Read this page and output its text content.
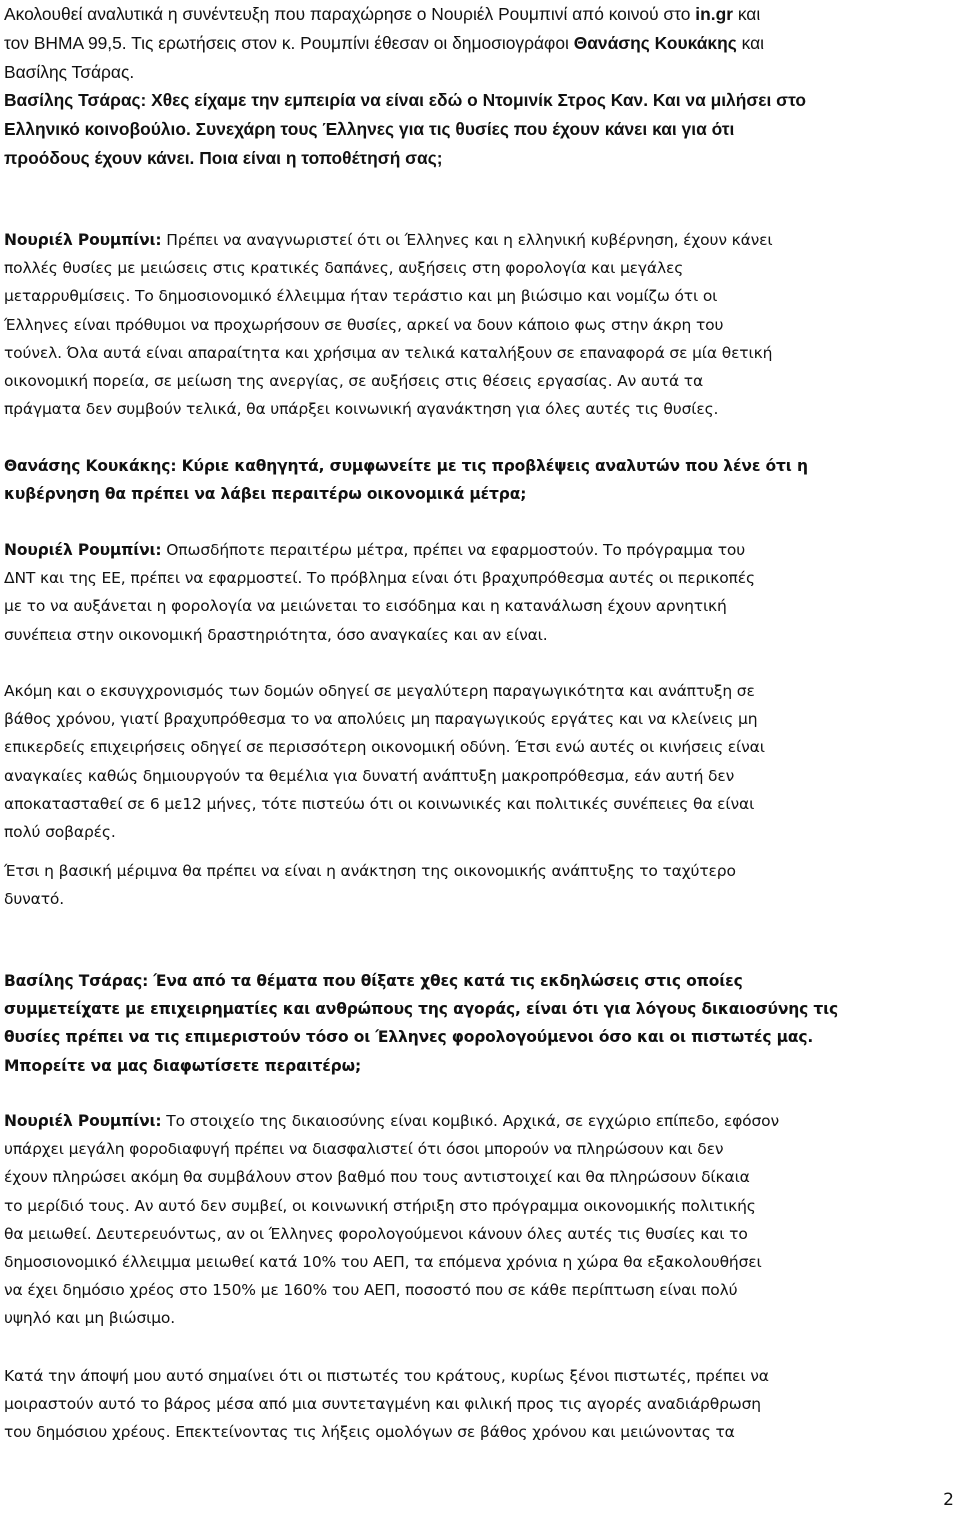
Ακολουθεί αναλυτικά η συνέντευξη που παραχώρησε ο Νουριέλ Ρουμπινί από κοινού στο in.gr και
τον ΒΗΜΑ 99,5. Τις ερωτήσεις στον κ. Ρουμπίνι έθεσαν οι δημοσιογράφοι Θανάσης Κουκάκης και
Βασίλης Τσάρας.
Βασίλης Τσάρας: Χθες είχαμε την εμπειρία να είναι εδώ ο Ντομινίκ Στρος Καν. Και να μιλήσει στο
Ελληνικό κοινοβούλιο. Συνεχάρη τους Έλληνες για τις θυσίες που έχουν κάνει και για ότι
προόδους έχουν κάνει. Ποια είναι η τοποθέτησή σας;
Νουριέλ Ρουμπίνι: Πρέπει να αναγνωριστεί ότι οι Έλληνες και η ελληνική κυβέρνηση, έχουν κάνει
πολλές θυσίες με μειώσεις στις κρατικές δαπάνες, αυξήσεις στη φορολογία και μεγάλες
μεταρρυθμίσεις. Το δημοσιονομικό έλλειμμα ήταν τεράστιο και μη βιώσιμο και νομίζω ότι οι
Έλληνες είναι πρόθυμοι να προχωρήσουν σε θυσίες, αρκεί να δουν κάποιο φως στην άκρη του
τούνελ. Όλα αυτά είναι απαραίτητα και χρήσιμα αν τελικά καταλήξουν σε επαναφορά σε μία θετική
οικονομική πορεία, σε μείωση της ανεργίας, σε αυξήσεις στις θέσεις εργασίας. Αν αυτά τα
πράγματα δεν συμβούν τελικά, θα υπάρξει κοινωνική αγανάκτηση για όλες αυτές τις θυσίες.
Θανάσης Κουκάκης: Κύριε καθηγητά, συμφωνείτε με τις προβλέψεις αναλυτών που λένε ότι η
κυβέρνηση θα πρέπει να λάβει περαιτέρω οικονομικά μέτρα;
Νουριέλ Ρουμπίνι: Οπωσδήποτε περαιτέρω μέτρα, πρέπει να εφαρμοστούν. Το πρόγραμμα του
ΔΝΤ και της ΕΕ, πρέπει να εφαρμοστεί. Το πρόβλημα είναι ότι βραχυπρόθεσμα αυτές οι περικοπές
με το να αυξάνεται η φορολογία να μειώνεται το εισόδημα και η κατανάλωση έχουν αρνητική
συνέπεια στην οικονομική δραστηριότητα, όσο αναγκαίες και αν είναι.
Ακόμη και ο εκσυγχρονισμός των δομών οδηγεί σε μεγαλύτερη παραγωγικότητα και ανάπτυξη σε
βάθος χρόνου, γιατί βραχυπρόθεσμα το να απολύεις μη παραγωγικούς εργάτες και να κλείνεις μη
επικερδείς επιχειρήσεις οδηγεί σε περισσότερη οικονομική οδύνη. Έτσι ενώ αυτές οι κινήσεις είναι
αναγκαίες καθώς δημιουργούν τα θεμέλια για δυνατή ανάπτυξη μακροπρόθεσμα, εάν αυτή δεν
αποκατασταθεί σε 6 με12 μήνες, τότε πιστεύω ότι οι κοινωνικές και πολιτικές συνέπειες θα είναι
πολύ σοβαρές.
Έτσι η βασική μέριμνα θα πρέπει να είναι η ανάκτηση της οικονομικής ανάπτυξης το ταχύτερο
δυνατό.
Βασίλης Τσάρας: Ένα από τα θέματα που θίξατε χθες κατά τις εκδηλώσεις στις οποίες
συμμετείχατε με επιχειρηματίες και ανθρώπους της αγοράς, είναι ότι για λόγους δικαιοσύνης τις
θυσίες πρέπει να τις επιμεριστούν τόσο οι Έλληνες φορολογούμενοι όσο και οι πιστωτές μας.
Μπορείτε να μας διαφωτίσετε περαιτέρω;
Νουριέλ Ρουμπίνι: Το στοιχείο της δικαιοσύνης είναι κομβικό. Αρχικά, σε εγχώριο επίπεδο, εφόσον
υπάρχει μεγάλη φοροδιαφυγή πρέπει να διασφαλιστεί ότι όσοι μπορούν να πληρώσουν και δεν
έχουν πληρώσει ακόμη θα συμβάλουν στον βαθμό που τους αντιστοιχεί και θα πληρώσουν δίκαια
το μερίδιό τους. Αν αυτό δεν συμβεί, οι κοινωνική στήριξη στο πρόγραμμα οικονομικής πολιτικής
θα μειωθεί. Δευτερευόντως, αν οι Έλληνες φορολογούμενοι κάνουν όλες αυτές τις θυσίες και το
δημοσιονομικό έλλειμμα μειωθεί κατά 10% του ΑΕΠ, τα επόμενα χρόνια η χώρα θα εξακολουθήσει
να έχει δημόσιο χρέος στο 150% με 160% του ΑΕΠ, ποσοστό που σε κάθε περίπτωση είναι πολύ
υψηλό και μη βιώσιμο.
Κατά την άποψή μου αυτό σημαίνει ότι οι πιστωτές του κράτους, κυρίως ξένοι πιστωτές, πρέπει να
μοιραστούν αυτό το βάρος μέσα από μια συντεταγμένη και φιλική προς τις αγορές αναδιάρθρωση
του δημόσιου χρέους. Επεκτείνοντας τις λήξεις ομολόγων σε βάθος χρόνου και μειώνοντας τα
2
